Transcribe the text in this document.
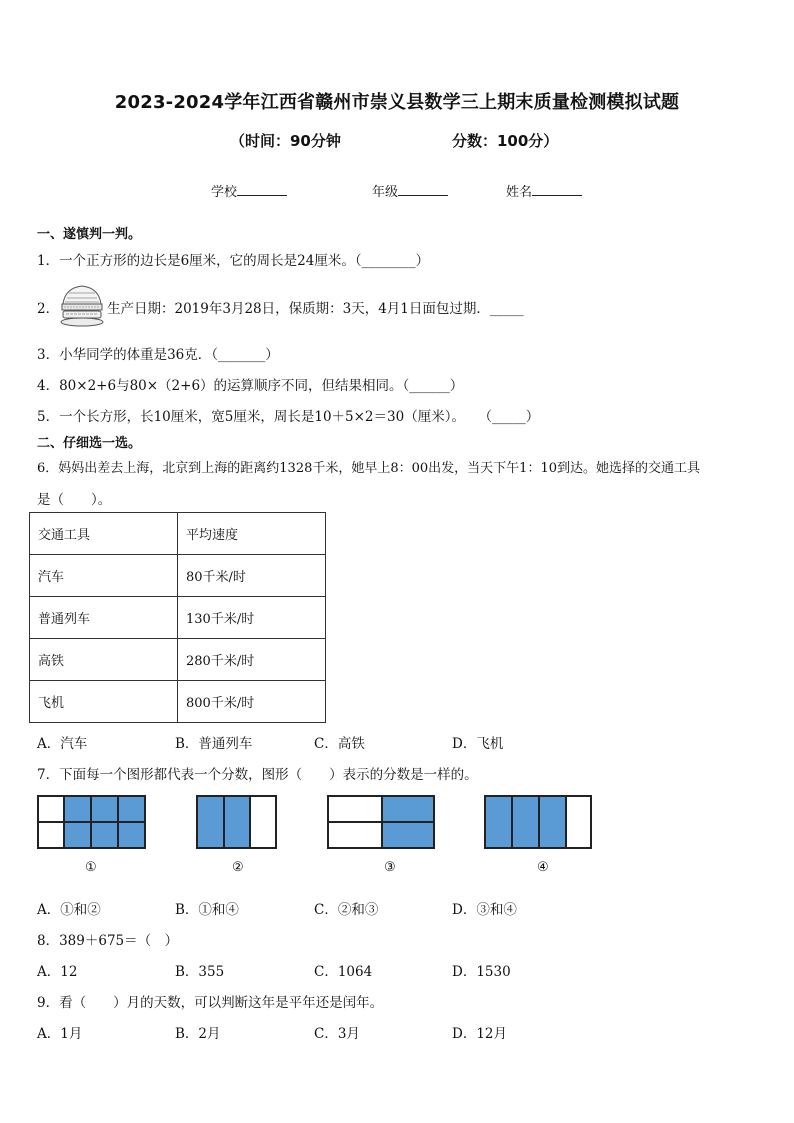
2023-2024学年江西省赣州市崇义县数学三上期末质量检测模拟试题
（时间：90分钟	分数：100分）
学校	年级	姓名
一、遂慎判一判。
1．一个正方形的边长是6厘米，它的周长是24厘米。（________）
2．	生产日期：2019年3月28日，保质期：3天，4月1日面包过期．_____
3．小华同学的体重是36克．（_______）
4．80×2+6与80×（2+6）的运算顺序不同，但结果相同。（______）
5．一个长方形，长10厘米，宽5厘米，周长是10＋5×2＝30（厘米）。　　（_____）
二、仔细选一选。
6．妈妈出差去上海，北京到上海的距离约1328千米，她早上8：00出发，当天下午1：10到达。她选择的交通工具
是（　　）。
交通工具	平均速度
汽车	80千米/时
普通列车	130千米/时
高铁	280千米/时
飞机	800千米/时
A．汽车	B．普通列车	C．高铁	D．飞机
7．下面每一个图形都代表一个分数，图形（　　）表示的分数是一样的。
①	②	③	④
A．①和②	B．①和④	C．②和③	D．③和④
8．389＋675＝（　）
A．12	B．355	C．1064	D．1530
9．看（　　）月的天数，可以判断这年是平年还是闰年。
A．1月	B．2月	C．3月	D．12月
